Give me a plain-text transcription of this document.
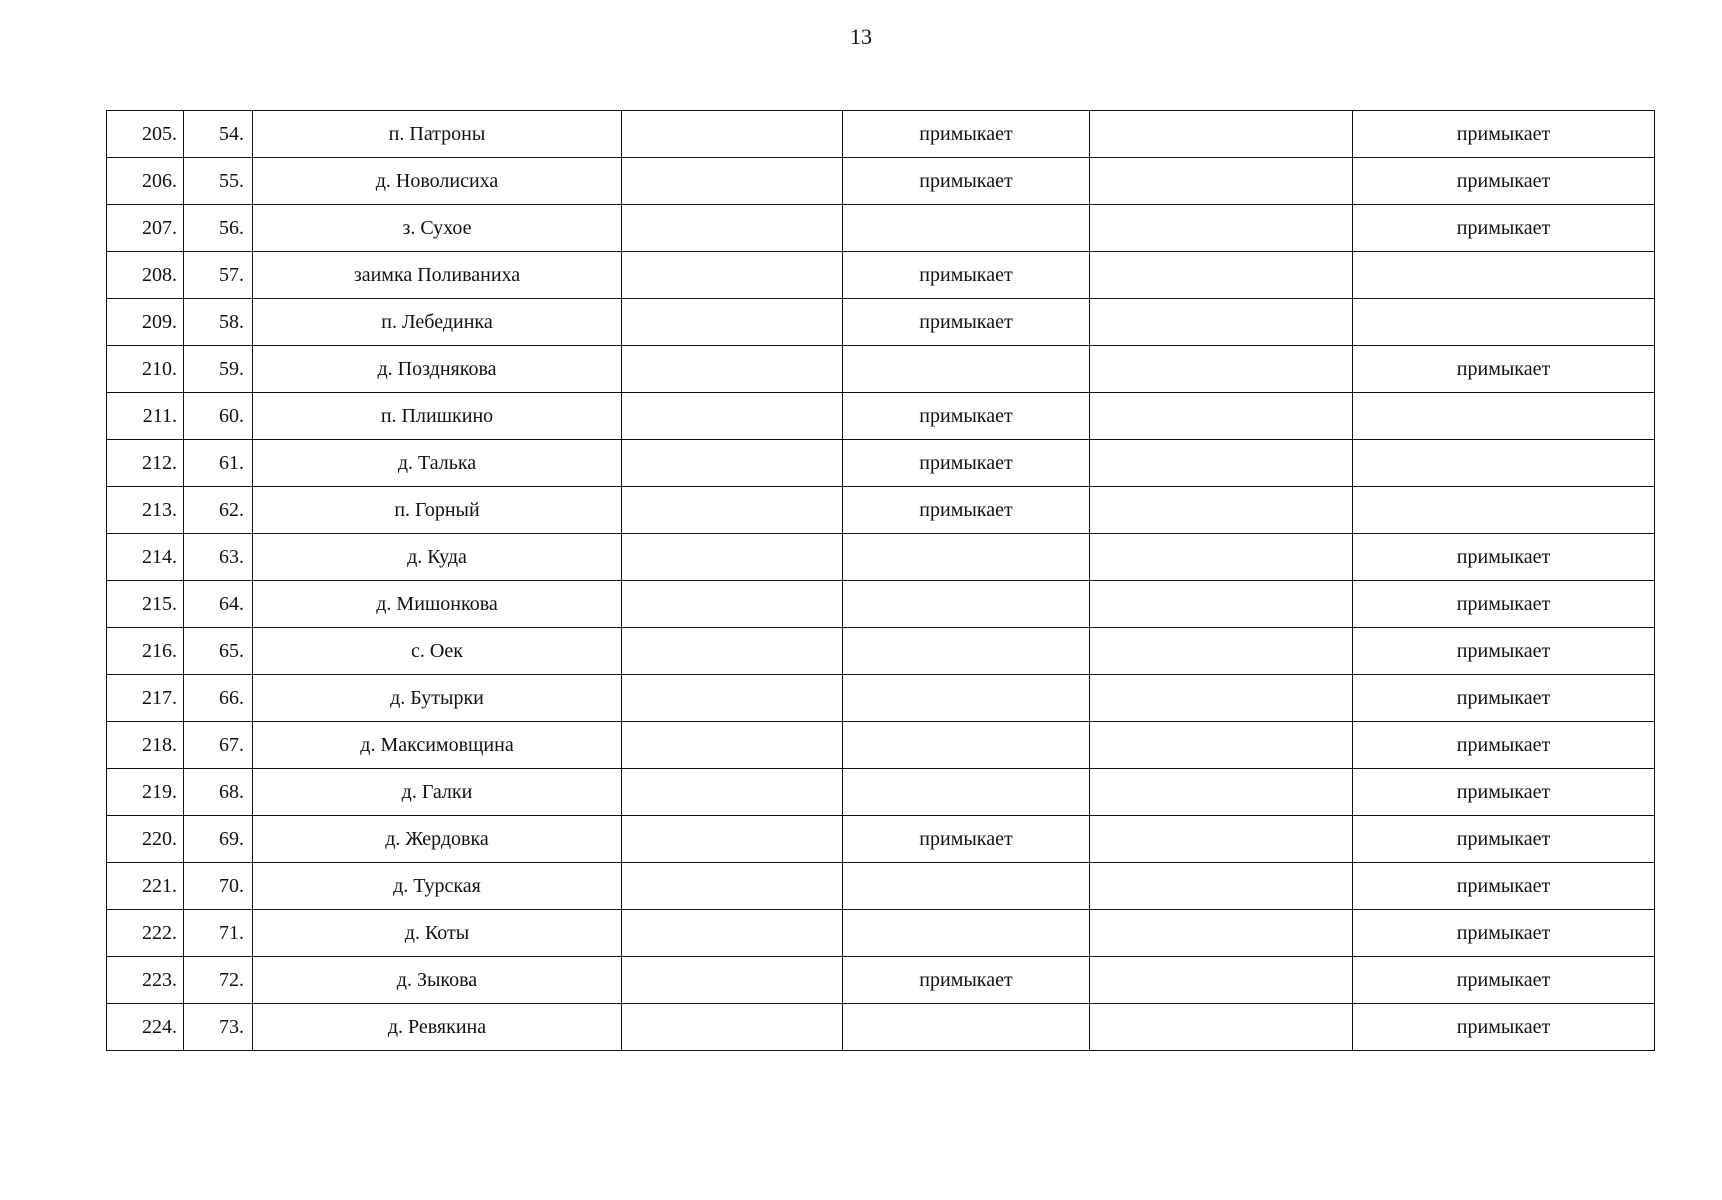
13
205.	54.	п. Патроны		примыкает		примыкает
206.	55.	д. Новолисиха		примыкает		примыкает
207.	56.	з. Сухое				примыкает
208.	57.	заимка Поливаниха		примыкает		
209.	58.	п. Лебединка		примыкает		
210.	59.	д. Позднякова				примыкает
211.	60.	п. Плишкино		примыкает		
212.	61.	д. Талька		примыкает		
213.	62.	п. Горный		примыкает		
214.	63.	д. Куда				примыкает
215.	64.	д. Мишонкова				примыкает
216.	65.	с. Оек				примыкает
217.	66.	д. Бутырки				примыкает
218.	67.	д. Максимовщина				примыкает
219.	68.	д. Галки				примыкает
220.	69.	д. Жердовка		примыкает		примыкает
221.	70.	д. Турская				примыкает
222.	71.	д. Коты				примыкает
223.	72.	д. Зыкова		примыкает		примыкает
224.	73.	д. Ревякина				примыкает
